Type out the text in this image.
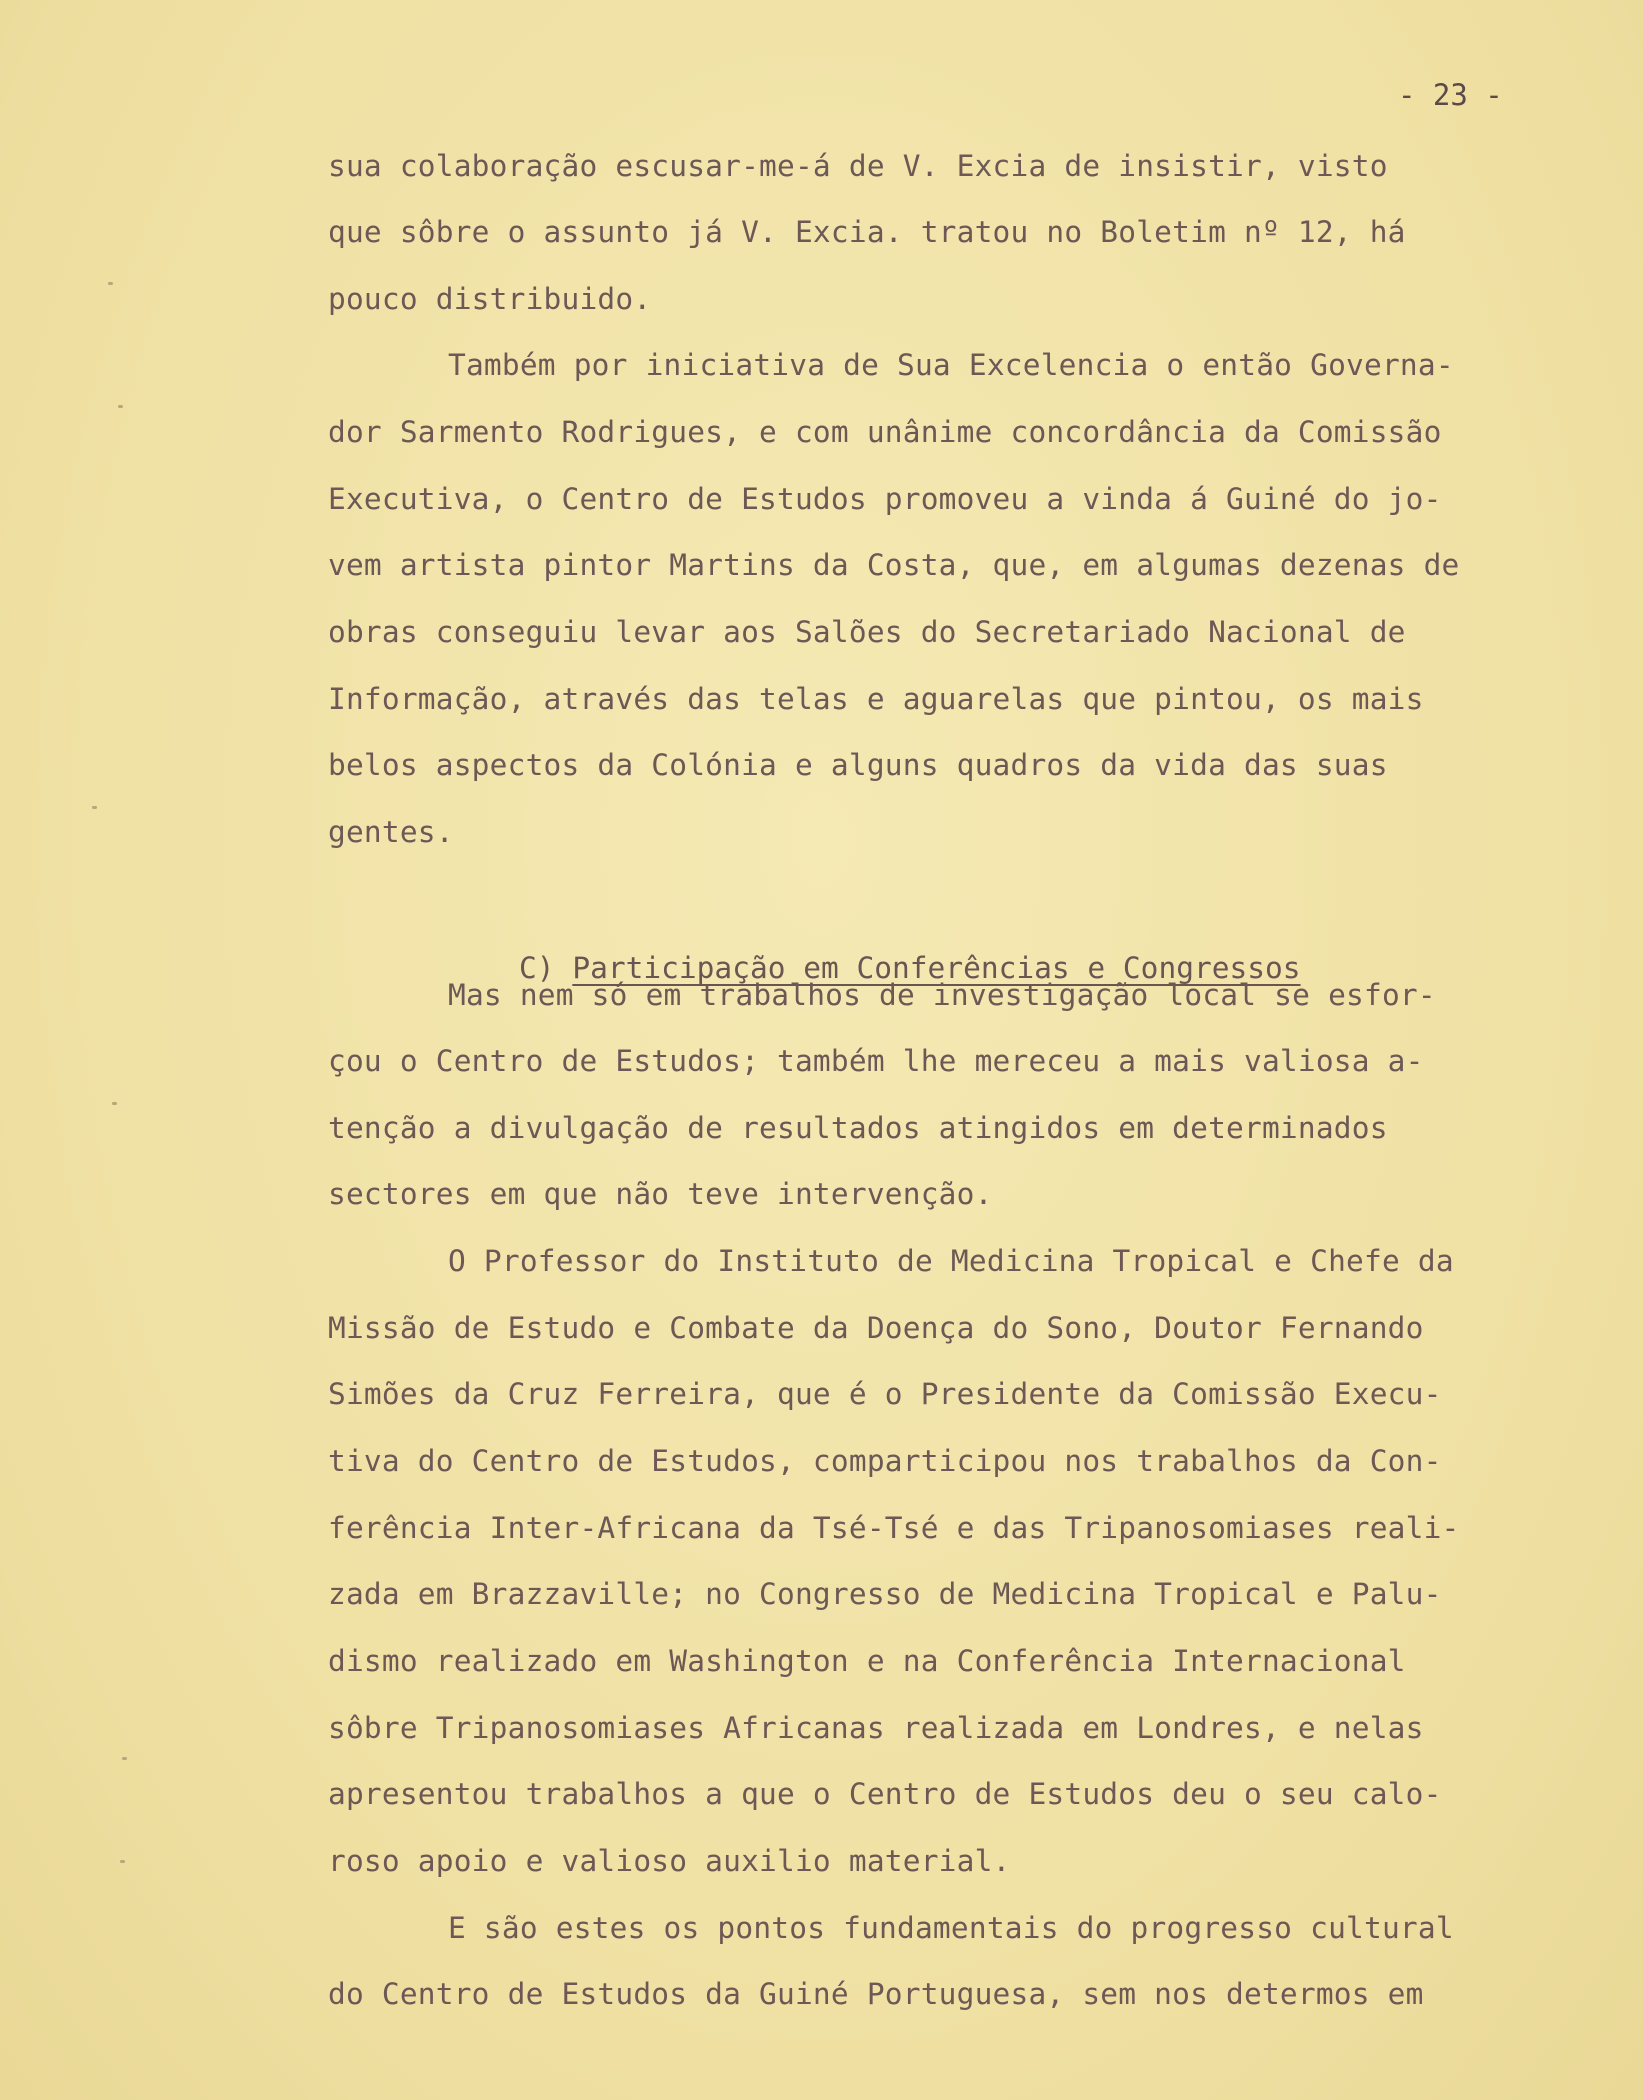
- 23 -

sua colaboração escusar-me-á de V. Excia de insistir, visto

que sôbre o assunto já V. Excia. tratou no Boletim nº 12, há

pouco distribuido.

Também por iniciativa de Sua Excelencia o então Governa-

dor Sarmento Rodrigues, e com unânime concordância da Comissão

Executiva, o Centro de Estudos promoveu a vinda á Guiné do jo-

vem artista pintor Martins da Costa, que, em algumas dezenas de

obras conseguiu levar aos Salões do Secretariado Nacional de

Informação, através das telas e aguarelas que pintou, os mais

belos aspectos da Colónia e alguns quadros da vida das suas

gentes.

C) Participação em Conferências e Congressos

Mas nem só em trabalhos de investigação local se esfor-

çou o Centro de Estudos; também lhe mereceu a mais valiosa a-

tenção a divulgação de resultados atingidos em determinados

sectores em que não teve intervenção.

O Professor do Instituto de Medicina Tropical e Chefe da

Missão de Estudo e Combate da Doença do Sono, Doutor Fernando

Simões da Cruz Ferreira, que é o Presidente da Comissão Execu-

tiva do Centro de Estudos, comparticipou nos trabalhos da Con-

ferência Inter-Africana da Tsé-Tsé e das Tripanosomiases reali-

zada em Brazzaville; no Congresso de Medicina Tropical e Palu-

dismo realizado em Washington e na Conferência Internacional

sôbre Tripanosomiases Africanas realizada em Londres, e nelas

apresentou trabalhos a que o Centro de Estudos deu o seu calo-

roso apoio e valioso auxilio material.

E são estes os pontos fundamentais do progresso cultural

do Centro de Estudos da Guiné Portuguesa, sem nos determos em
